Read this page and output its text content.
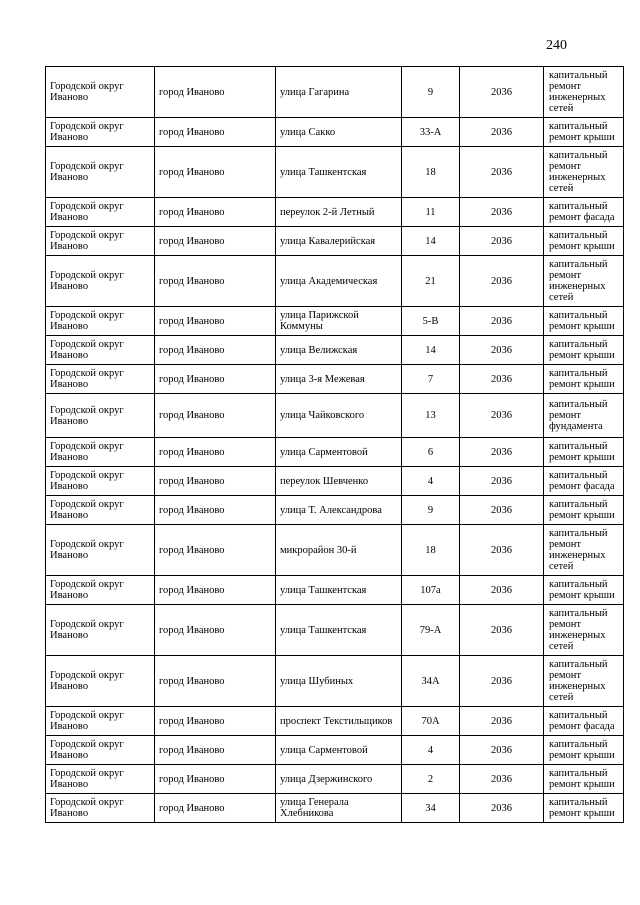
240
Городской округ Иваново	город Иваново	улица Гагарина	9	2036	капитальный ремонт инженерных сетей
Городской округ Иваново	город Иваново	улица Сакко	33-А	2036	капитальный ремонт крыши
Городской округ Иваново	город Иваново	улица Ташкентская	18	2036	капитальный ремонт инженерных сетей
Городской округ Иваново	город Иваново	переулок 2-й Летный	11	2036	капитальный ремонт фасада
Городской округ Иваново	город Иваново	улица Кавалерийская	14	2036	капитальный ремонт крыши
Городской округ Иваново	город Иваново	улица Академическая	21	2036	капитальный ремонт инженерных сетей
Городской округ Иваново	город Иваново	улица Парижской Коммуны	5-В	2036	капитальный ремонт крыши
Городской округ Иваново	город Иваново	улица Велижская	14	2036	капитальный ремонт крыши
Городской округ Иваново	город Иваново	улица 3-я Межевая	7	2036	капитальный ремонт крыши
Городской округ Иваново	город Иваново	улица Чайковского	13	2036	капитальный ремонт фундамента
Городской округ Иваново	город Иваново	улица Сарментовой	6	2036	капитальный ремонт крыши
Городской округ Иваново	город Иваново	переулок Шевченко	4	2036	капитальный ремонт фасада
Городской округ Иваново	город Иваново	улица Т. Александрова	9	2036	капитальный ремонт крыши
Городской округ Иваново	город Иваново	микрорайон 30-й	18	2036	капитальный ремонт инженерных сетей
Городской округ Иваново	город Иваново	улица Ташкентская	107а	2036	капитальный ремонт крыши
Городской округ Иваново	город Иваново	улица Ташкентская	79-А	2036	капитальный ремонт инженерных сетей
Городской округ Иваново	город Иваново	улица Шубиных	34А	2036	капитальный ремонт инженерных сетей
Городской округ Иваново	город Иваново	проспект Текстильщиков	70А	2036	капитальный ремонт фасада
Городской округ Иваново	город Иваново	улица Сарментовой	4	2036	капитальный ремонт крыши
Городской округ Иваново	город Иваново	улица Дзержинского	2	2036	капитальный ремонт крыши
Городской округ Иваново	город Иваново	улица Генерала Хлебникова	34	2036	капитальный ремонт крыши
